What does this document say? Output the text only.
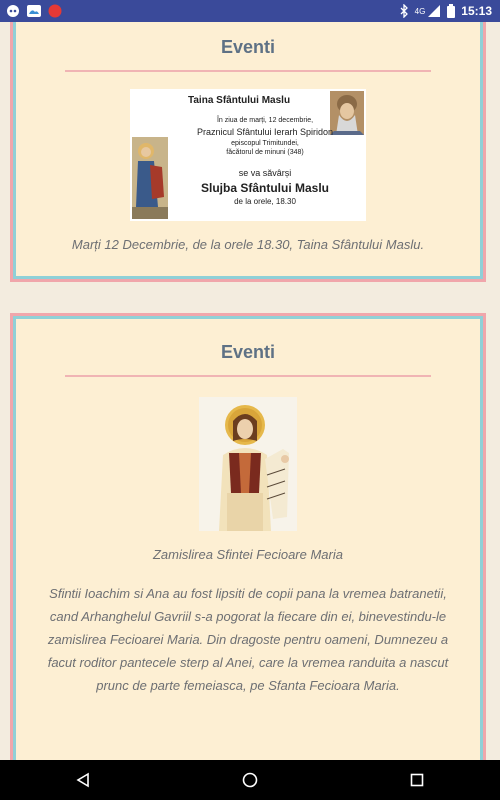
4G	15:13
Eventi
Taina Sfântului Maslu
În ziua de marți, 12 decembrie,
Praznicul Sfântului Ierarh Spiridon
episcopul Trimitundei,
făcătorul de minuni (348)
se va săvârși
Slujba Sfântului Maslu
de la orele, 18.30
Marți 12 Decembrie, de la orele 18.30, Taina Sfântului Maslu.
Eventi
Zamislirea Sfintei Fecioare Maria
Sfintii Ioachim si Ana au fost lipsiti de copii pana la vremea batranetii, cand Arhanghelul Gavriil s-a pogorat la fiecare din ei, binevestindu-le zamislirea Fecioarei Maria. Din dragoste pentru oameni, Dumnezeu a facut roditor pantecele sterp al Anei, care la vremea randuita a nascut prunc de parte femeiasca, pe Sfanta Fecioara Maria.
